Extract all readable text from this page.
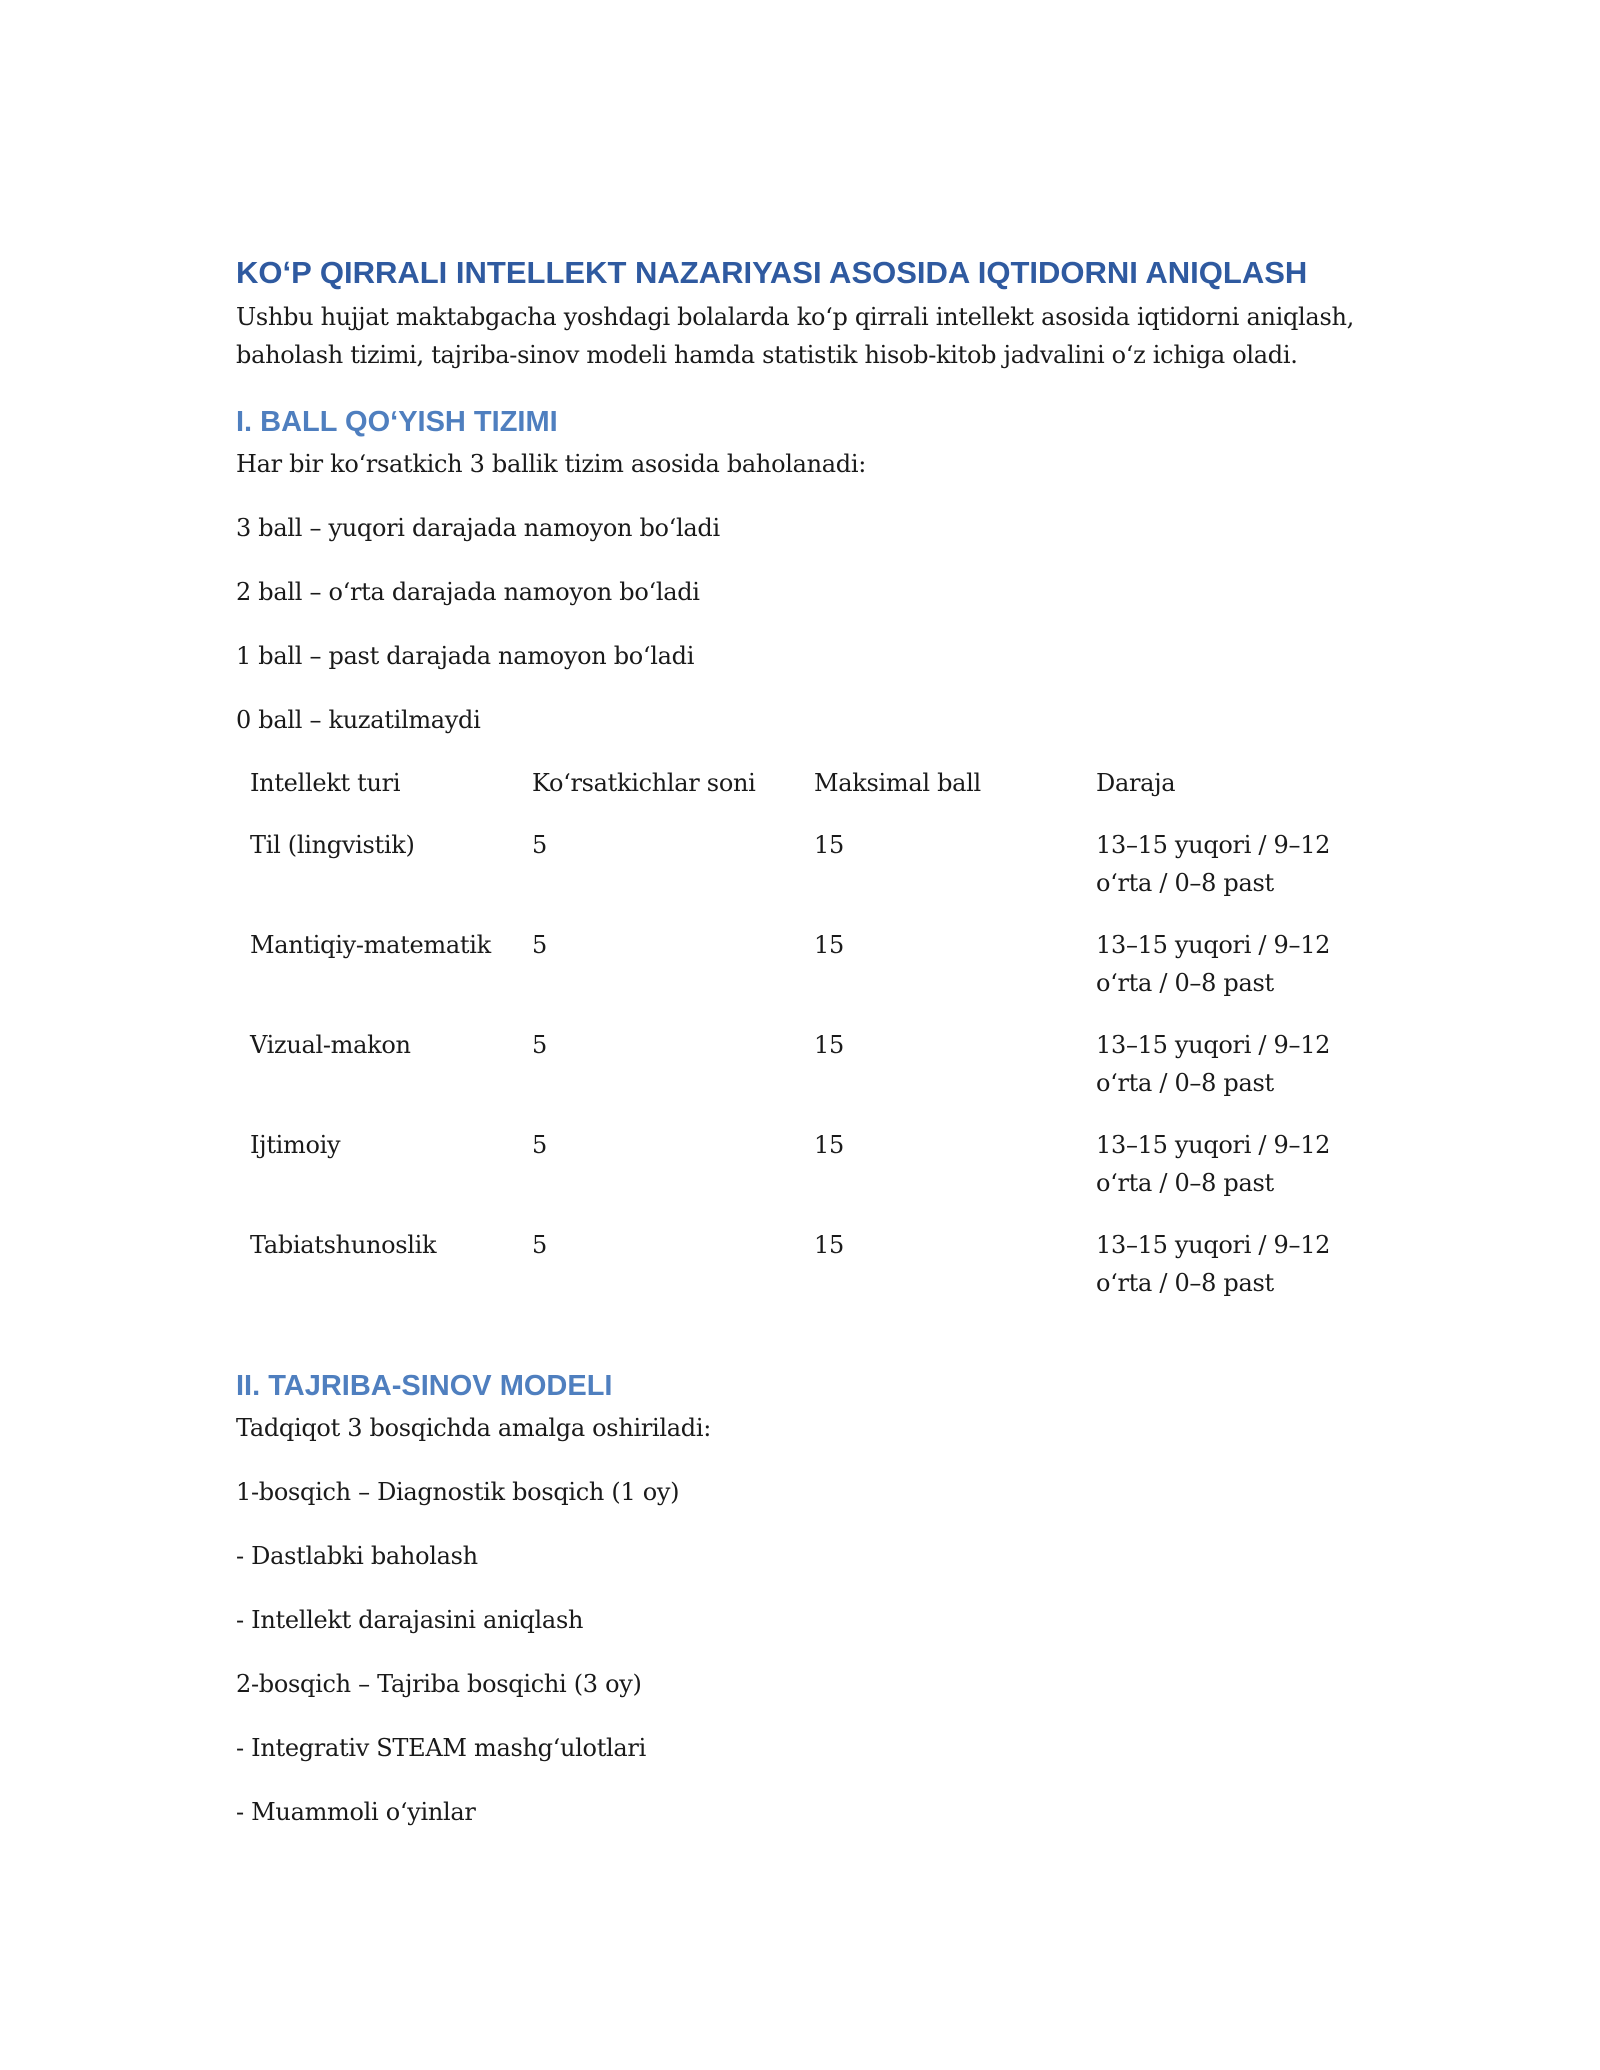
KOʻP QIRRALI INTELLEKT NAZARIYASI ASOSIDA IQTIDORNI ANIQLASH

Ushbu hujjat maktabgacha yoshdagi bolalarda koʻp qirrali intellekt asosida iqtidorni aniqlash,
baholash tizimi, tajriba-sinov modeli hamda statistik hisob-kitob jadvalini oʻz ichiga oladi.

I. BALL QOʻYISH TIZIMI

Har bir koʻrsatkich 3 ballik tizim asosida baholanadi:

3 ball – yuqori darajada namoyon boʻladi

2 ball – oʻrta darajada namoyon boʻladi

1 ball – past darajada namoyon boʻladi

0 ball – kuzatilmaydi

Intellekt turi	Koʻrsatkichlar soni	Maksimal ball	Daraja
Til (lingvistik)	5	15	13–15 yuqori / 9–12
oʻrta / 0–8 past
Mantiqiy-matematik	5	15	13–15 yuqori / 9–12
oʻrta / 0–8 past
Vizual-makon	5	15	13–15 yuqori / 9–12
oʻrta / 0–8 past
Ijtimoiy	5	15	13–15 yuqori / 9–12
oʻrta / 0–8 past
Tabiatshunoslik	5	15	13–15 yuqori / 9–12
oʻrta / 0–8 past
II. TAJRIBA-SINOV MODELI

Tadqiqot 3 bosqichda amalga oshiriladi:

1-bosqich – Diagnostik bosqich (1 oy)

- Dastlabki baholash

- Intellekt darajasini aniqlash

2-bosqich – Tajriba bosqichi (3 oy)

- Integrativ STEAM mashgʻulotlari

- Muammoli oʻyinlar
